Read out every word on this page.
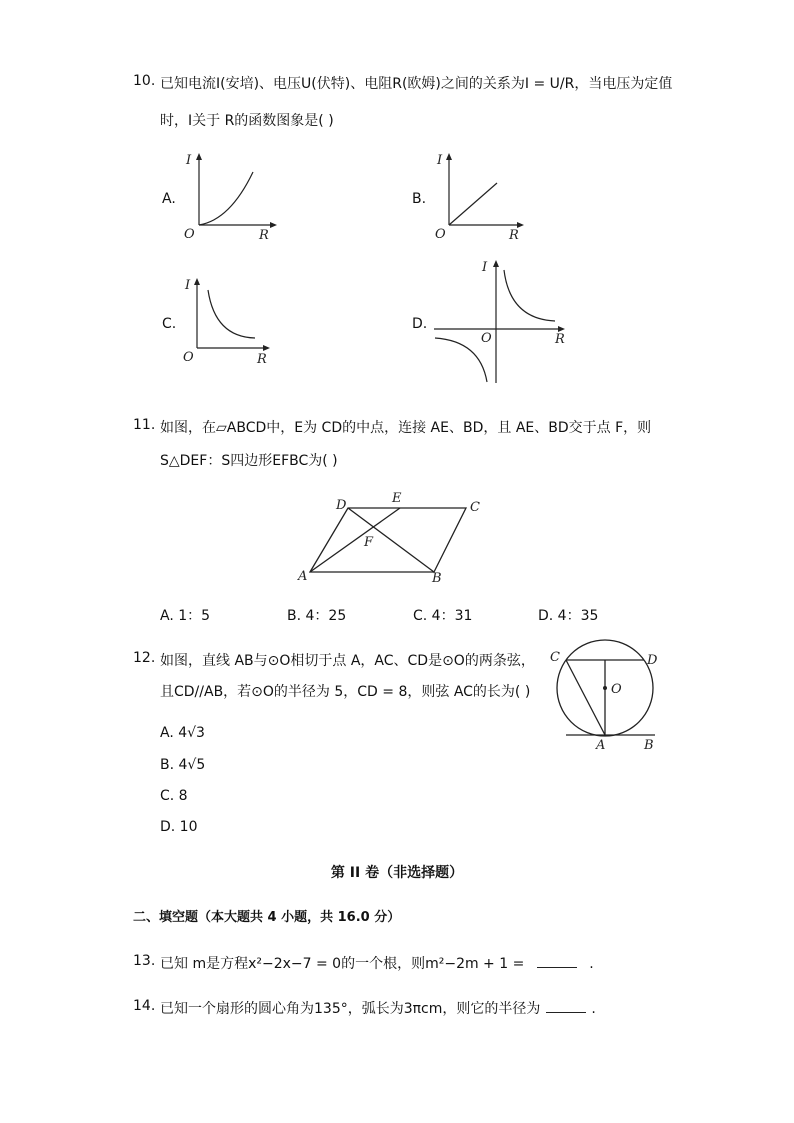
10. 已知电流I(安培)、电压U(伏特)、电阻R(欧姆)之间的关系为I = U/R，当电压为定值
时，I关于 R的函数图象是( )
A.
I
O	R
B.
I
O	R
C.
I
O	R
D.
I
O	R
11. 如图，在▱ABCD中，E为 CD的中点，连接 AE、BD，且 AE、BD交于点 F，则
S△DEF：S四边形EFBC为( )
A	B
C
D	E
F
A. 1：5	B. 4：25	C. 4：31	D. 4：35
12. 如图，直线 AB与⊙O相切于点 A，AC、CD是⊙O的两条弦，
且CD//AB，若⊙O的半径为 5，CD = 8，则弦 AC的长为( )
C	D
O
A	B
A. 4√3
B. 4√5
C. 8
D. 10
第 II 卷（非选择题）
二、填空题（本大题共 4 小题，共 16.0 分）
13. 已知 m是方程x²−2x−7 = 0的一个根，则m²−2m + 1 =	.
14. 已知一个扇形的圆心角为135°，弧长为3πcm，则它的半径为	.
